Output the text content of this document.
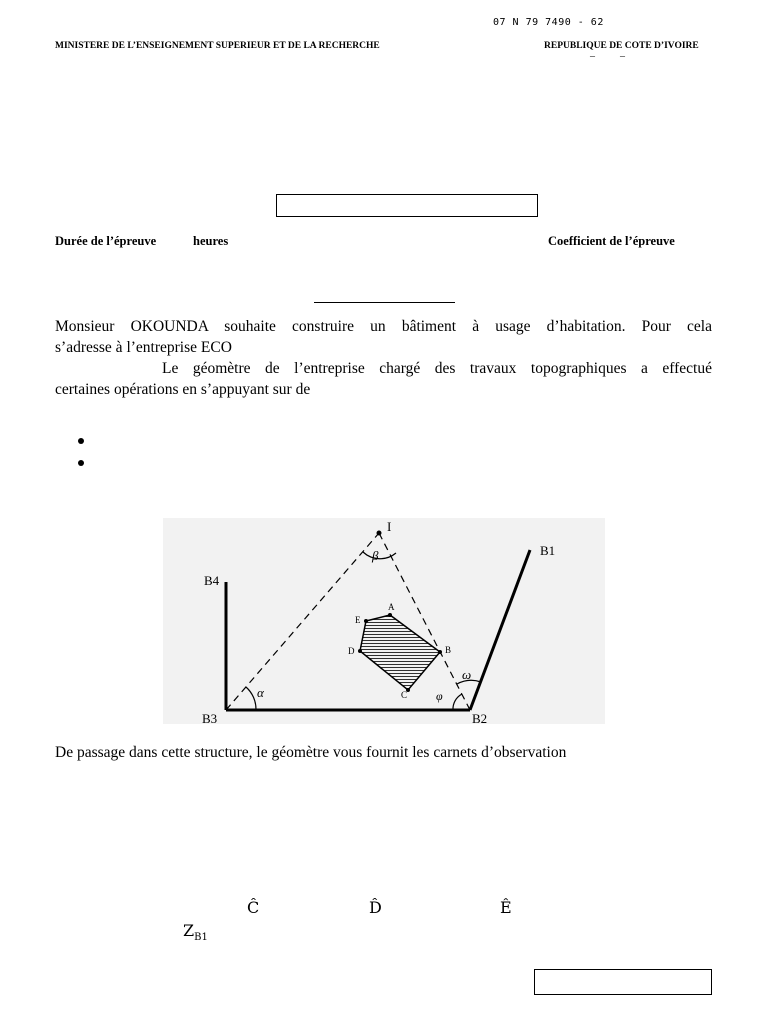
07 N 79 7490 - 62
MINISTERE DE L’ENSEIGNEMENT SUPERIEUR ET DE LA RECHERCHE	REPUBLIQUE DE COTE D’IVOIRE
–          –
Durée de l’épreuve	heures	Coefficient de l’épreuve
Monsieur OKOUNDA souhaite construire un bâtiment à usage d’habitation. Pour cela
s’adresse à l’entreprise ECO
Le géomètre de l’entreprise chargé des travaux topographiques a effectué
certaines opérations en s’appuyant sur de
I
B1
B2
B3
B4
A
B
C
D
E
α
β
φ
ω
De passage dans cette structure, le géomètre vous fournit les carnets d’observation
Ĉ	D̂	Ê
$Z_{B1}$
